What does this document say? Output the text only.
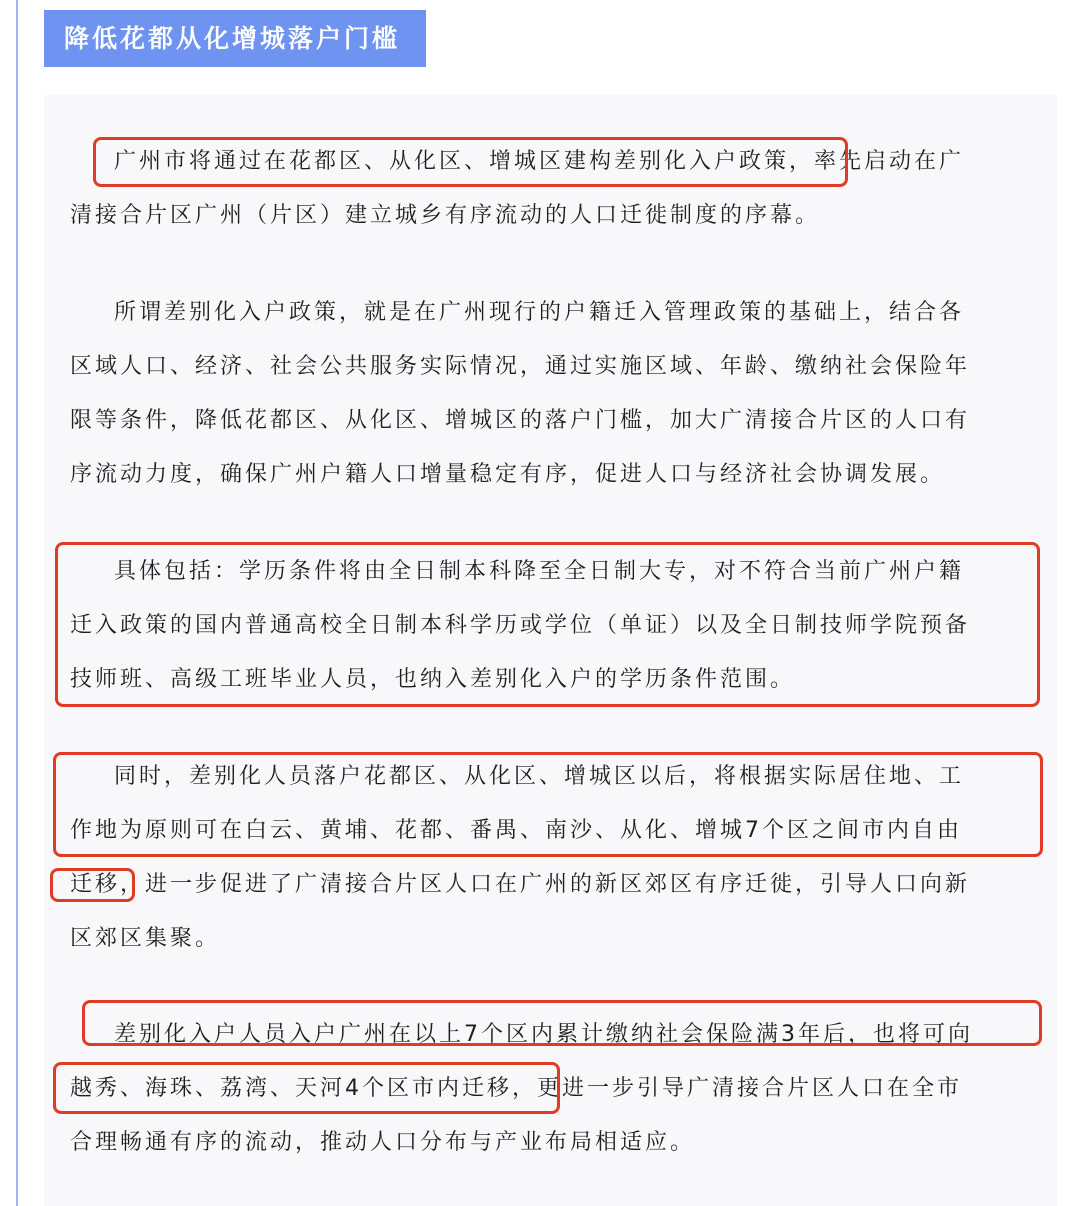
降低花都从化增城落户门槛
广州市将通过在花都区、从化区、增城区建构差别化入户政策，率先启动在广
清接合片区广州（片区）建立城乡有序流动的人口迁徙制度的序幕。
所谓差别化入户政策，就是在广州现行的户籍迁入管理政策的基础上，结合各
区域人口、经济、社会公共服务实际情况，通过实施区域、年龄、缴纳社会保险年
限等条件，降低花都区、从化区、增城区的落户门槛，加大广清接合片区的人口有
序流动力度，确保广州户籍人口增量稳定有序，促进人口与经济社会协调发展。
具体包括：学历条件将由全日制本科降至全日制大专，对不符合当前广州户籍
迁入政策的国内普通高校全日制本科学历或学位（单证）以及全日制技师学院预备
技师班、高级工班毕业人员，也纳入差别化入户的学历条件范围。
同时，差别化人员落户花都区、从化区、增城区以后，将根据实际居住地、工
作地为原则可在白云、黄埔、花都、番禺、南沙、从化、增城7个区之间市内自由
迁移，进一步促进了广清接合片区人口在广州的新区郊区有序迁徙，引导人口向新
区郊区集聚。
差别化入户人员入户广州在以上7个区内累计缴纳社会保险满3年后，也将可向
越秀、海珠、荔湾、天河4个区市内迁移，更进一步引导广清接合片区人口在全市
合理畅通有序的流动，推动人口分布与产业布局相适应。
